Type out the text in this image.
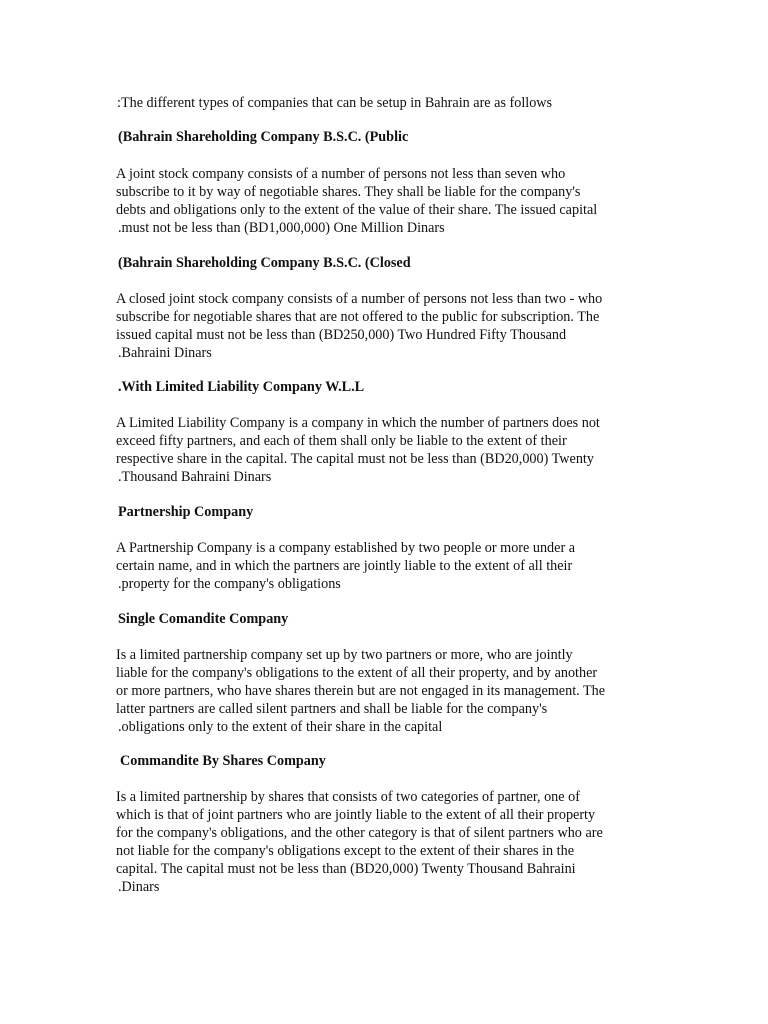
:The different types of companies that can be setup in Bahrain are as follows
(Bahrain Shareholding Company B.S.C. (Public
A joint stock company consists of a number of persons not less than seven who
subscribe to it by way of negotiable shares. They shall be liable for the company's
debts and obligations only to the extent of the value of their share. The issued capital
.must not be less than (BD1,000,000) One Million Dinars
(Bahrain Shareholding Company B.S.C. (Closed
A closed joint stock company consists of a number of persons not less than two - who
subscribe for negotiable shares that are not offered to the public for subscription. The
issued capital must not be less than (BD250,000) Two Hundred Fifty Thousand
.Bahraini Dinars
.With Limited Liability Company W.L.L
A Limited Liability Company is a company in which the number of partners does not
exceed fifty partners, and each of them shall only be liable to the extent of their
respective share in the capital. The capital must not be less than (BD20,000) Twenty
.Thousand Bahraini Dinars
Partnership Company
A Partnership Company is a company established by two people or more under a
certain name, and in which the partners are jointly liable to the extent of all their
.property for the company's obligations
Single Comandite Company
Is a limited partnership company set up by two partners or more, who are jointly
liable for the company's obligations to the extent of all their property, and by another
or more partners, who have shares therein but are not engaged in its management. The
latter partners are called silent partners and shall be liable for the company's
.obligations only to the extent of their share in the capital
Commandite By Shares Company
Is a limited partnership by shares that consists of two categories of partner, one of
which is that of joint partners who are jointly liable to the extent of all their property
for the company's obligations, and the other category is that of silent partners who are
not liable for the company's obligations except to the extent of their shares in the
capital. The capital must not be less than (BD20,000) Twenty Thousand Bahraini
.Dinars
